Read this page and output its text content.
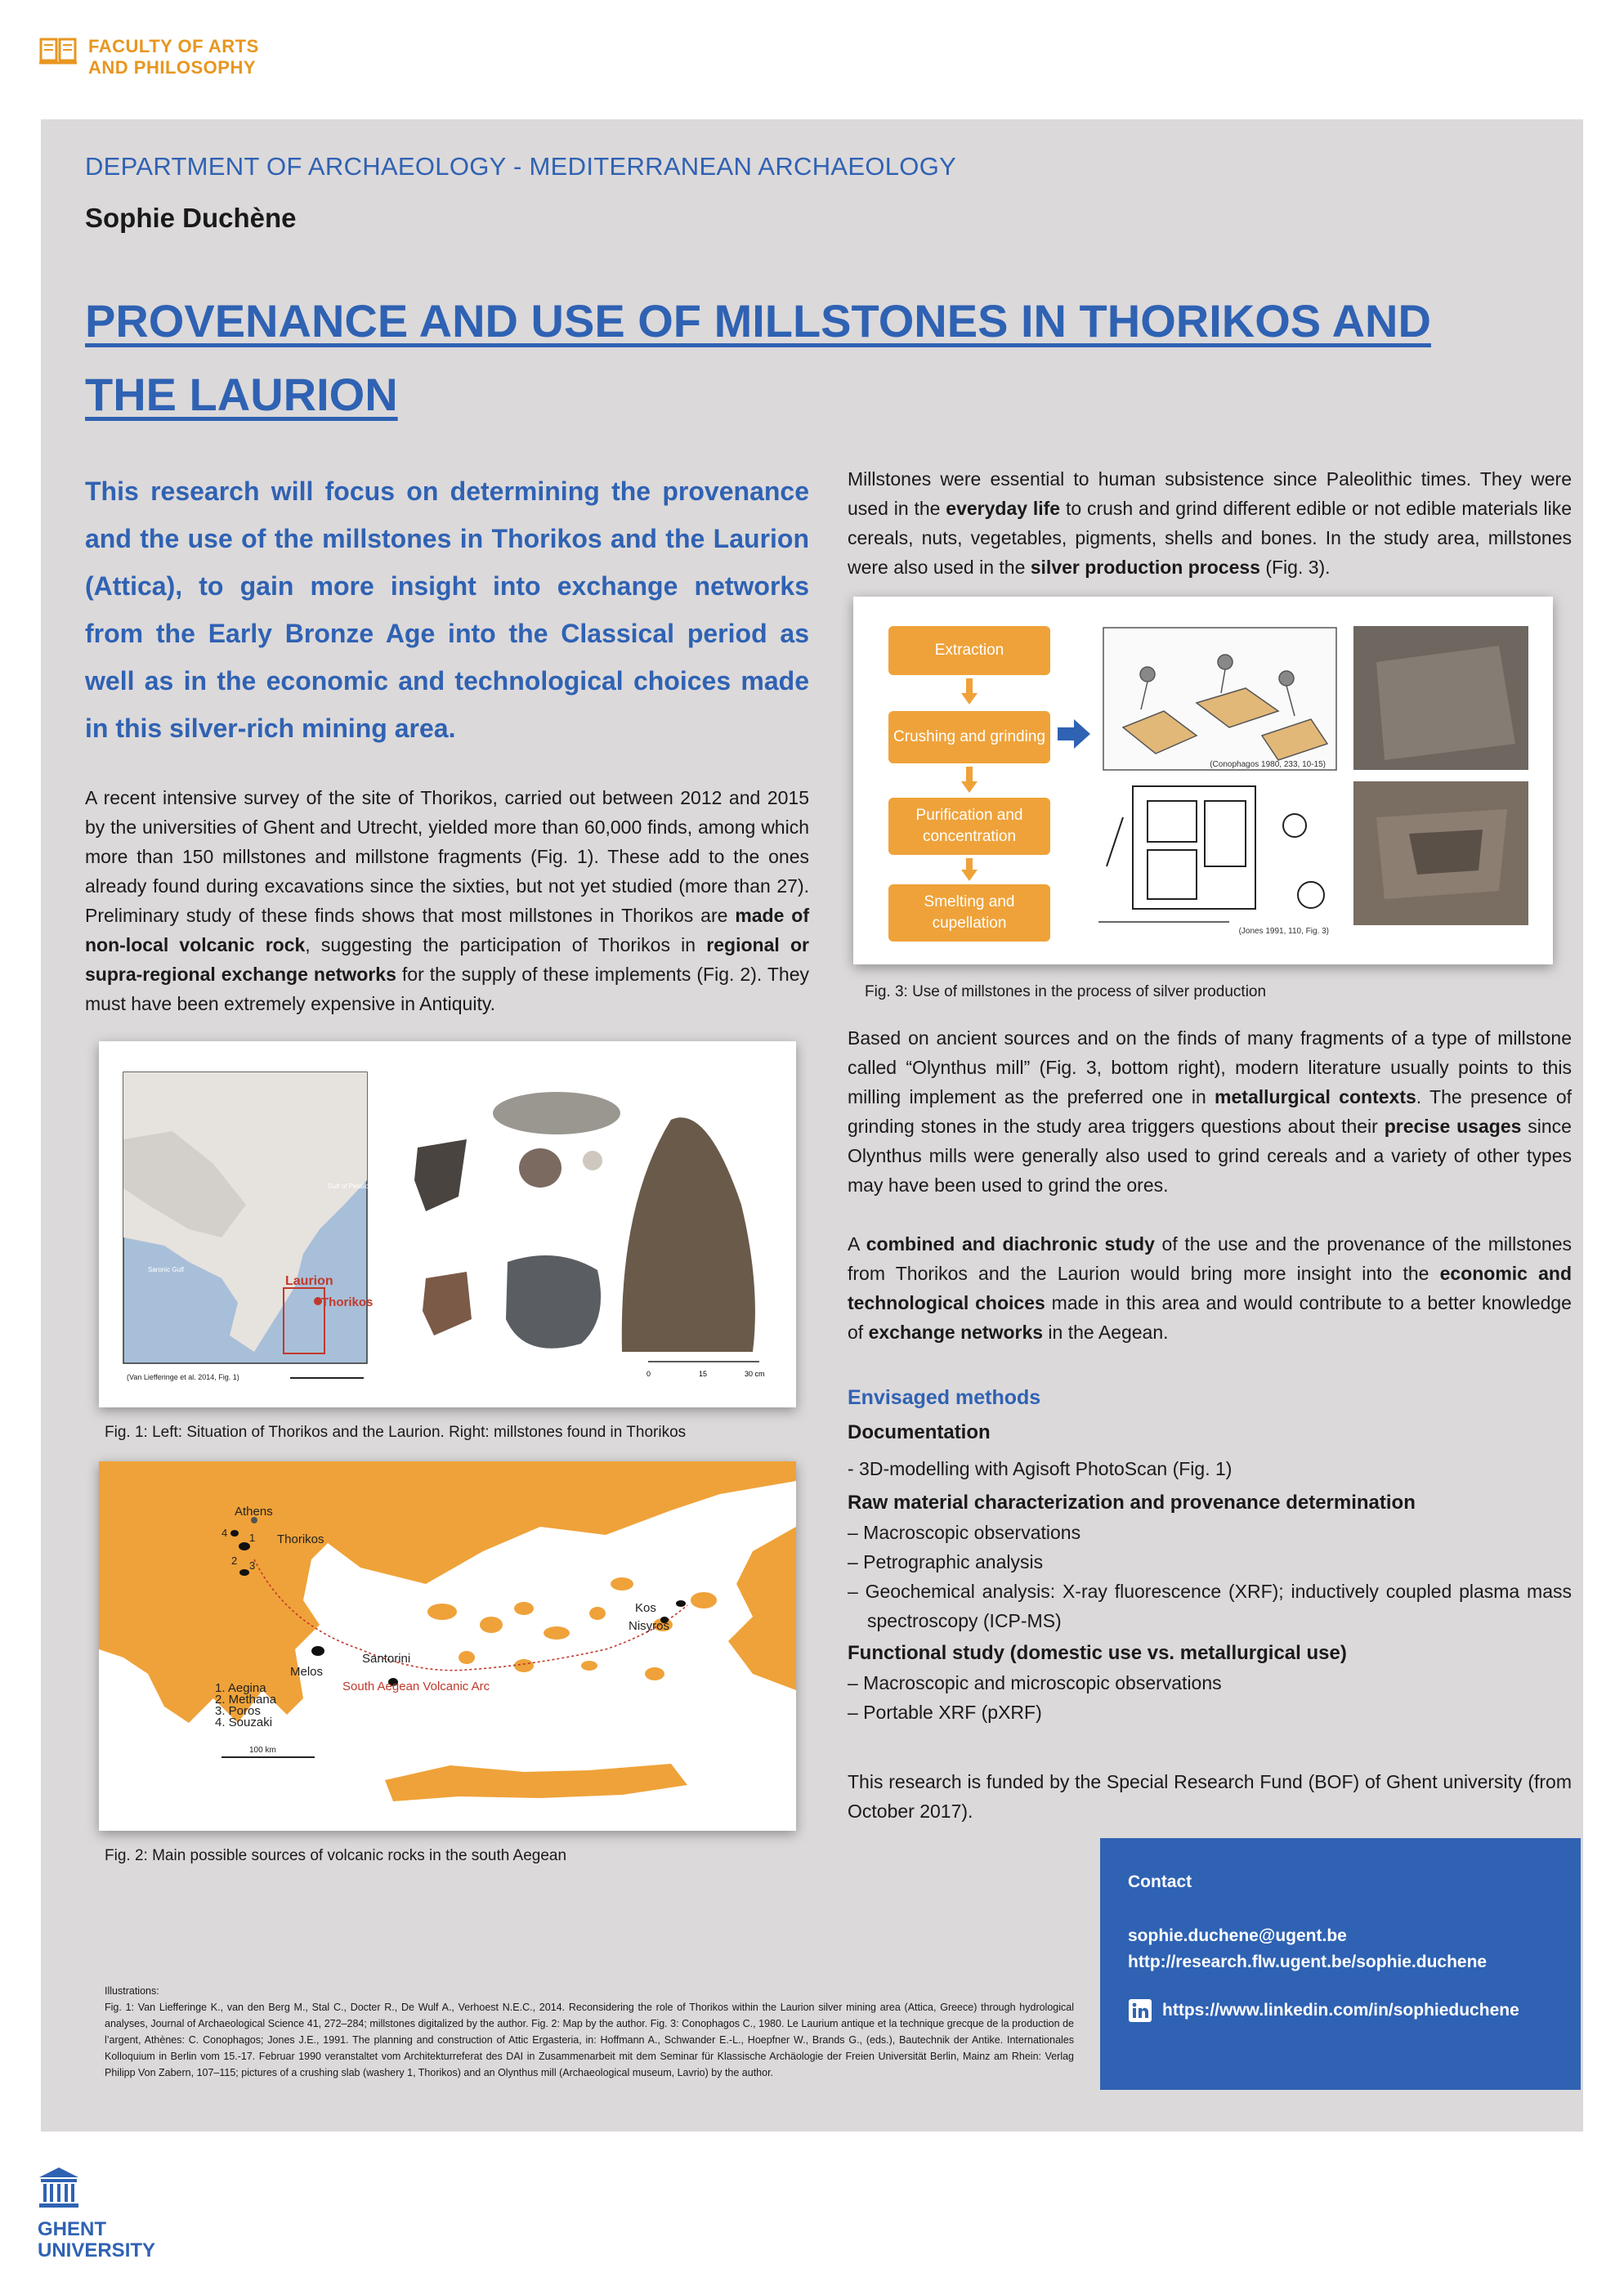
FACULTY OF ARTS
AND PHILOSOPHY
DEPARTMENT OF ARCHAEOLOGY - MEDITERRANEAN ARCHAEOLOGY
Sophie Duchène
PROVENANCE AND USE OF MILLSTONES IN THORIKOS AND THE LAURION
This research will focus on determining the provenance and the use of the millstones in Thorikos and the Laurion (Attica), to gain more insight into exchange networks from the Early Bronze Age into the Classical period as well as in the economic and technological choices made in this silver-rich mining area.
A recent intensive survey of the site of Thorikos, carried out between 2012 and 2015 by the universities of Ghent and Utrecht, yielded more than 60,000 finds, among which more than 150 millstones and millstone fragments (Fig. 1). These add to the ones already found during excavations since the sixties, but not yet studied (more than 27). Preliminary study of these finds shows that most millstones in Thorikos are made of non-local volcanic rock, suggesting the participation of Thorikos in regional or supra-regional exchange networks for the supply of these implements (Fig. 2). They must have been extremely expensive in Antiquity.
Millstones were essential to human subsistence since Paleolithic times. They were used in the everyday life to crush and grind different edible or not edible materials like cereals, nuts, vegetables, pigments, shells and bones. In the study area, millstones were also used in the silver production process (Fig. 3).
Extraction
Crushing and grinding
Purification and concentration
Smelting and cupellation
(Conophagos 1980, 233, 10-15)
(Jones 1991, 110, Fig. 3)
Fig. 3: Use of millstones in the process of silver production
Based on ancient sources and on the finds of many fragments of a type of millstone called “Olynthus mill” (Fig. 3, bottom right), modern literature usually points to this milling implement as the preferred one in metallurgical contexts. The presence of grinding stones in the study area triggers questions about their precise usages since Olynthus mills were generally also used to grind cereals and a variety of other types may have been used to grind the ores.
A combined and diachronic study of the use and the provenance of the millstones from Thorikos and the Laurion would bring more insight into the economic and technological choices made in this area and would contribute to a better knowledge of exchange networks in the Aegean.
Laurion
Thorikos
Saronic Gulf
Gulf of Petalioi
(Van Liefferinge et al. 2014, Fig. 1)	0	15	30 cm
Fig. 1: Left: Situation of Thorikos and the Laurion. Right: millstones found in Thorikos
Athens
Thorikos
Melos
Santorini
Kos
Nisyros
1
2 3
4
South Aegean Volcanic Arc
1. Aegina
2. Methana
3. Poros
4. Souzaki
100 km
Fig. 2: Main possible sources of volcanic rocks in the south Aegean
Envisaged methods
Documentation
- 3D-modelling with Agisoft PhotoScan (Fig. 1)
Raw material characterization and provenance determination
– Macroscopic observations
– Petrographic analysis
– Geochemical analysis: X-ray fluorescence (XRF); inductively coupled plasma mass spectroscopy (ICP-MS)
Functional study (domestic use vs. metallurgical use)
– Macroscopic and microscopic observations
– Portable XRF (pXRF)
This research is funded by the Special Research Fund (BOF) of Ghent university (from October 2017).
Contact
sophie.duchene@ugent.be
http://research.flw.ugent.be/sophie.duchene
https://www.linkedin.com/in/sophieduchene
Illustrations:
Fig. 1: Van Liefferinge K., van den Berg M., Stal C., Docter R., De Wulf A., Verhoest N.E.C., 2014. Reconsidering the role of Thorikos within the Laurion silver mining area (Attica, Greece) through hydrological analyses, Journal of Archaeological Science 41, 272–284; millstones digitalized by the author. Fig. 2: Map by the author. Fig. 3: Conophagos C., 1980. Le Laurium antique et la technique grecque de la production de l’argent, Athènes: C. Conophagos; Jones J.E., 1991. The planning and construction of Attic Ergasteria, in: Hoffmann A., Schwander E.-L., Hoepfner W., Brands G., (eds.), Bautechnik der Antike. Internationales Kolloquium in Berlin vom 15.-17. Februar 1990 veranstaltet vom Architekturreferat des DAI in Zusammenarbeit mit dem Seminar für Klassische Archäologie der Freien Universität Berlin, Mainz am Rhein: Verlag Philipp Von Zabern, 107–115; pictures of a crushing slab (washery 1, Thorikos) and an Olynthus mill (Archaeological museum, Lavrio) by the author.
GHENT
UNIVERSITY
